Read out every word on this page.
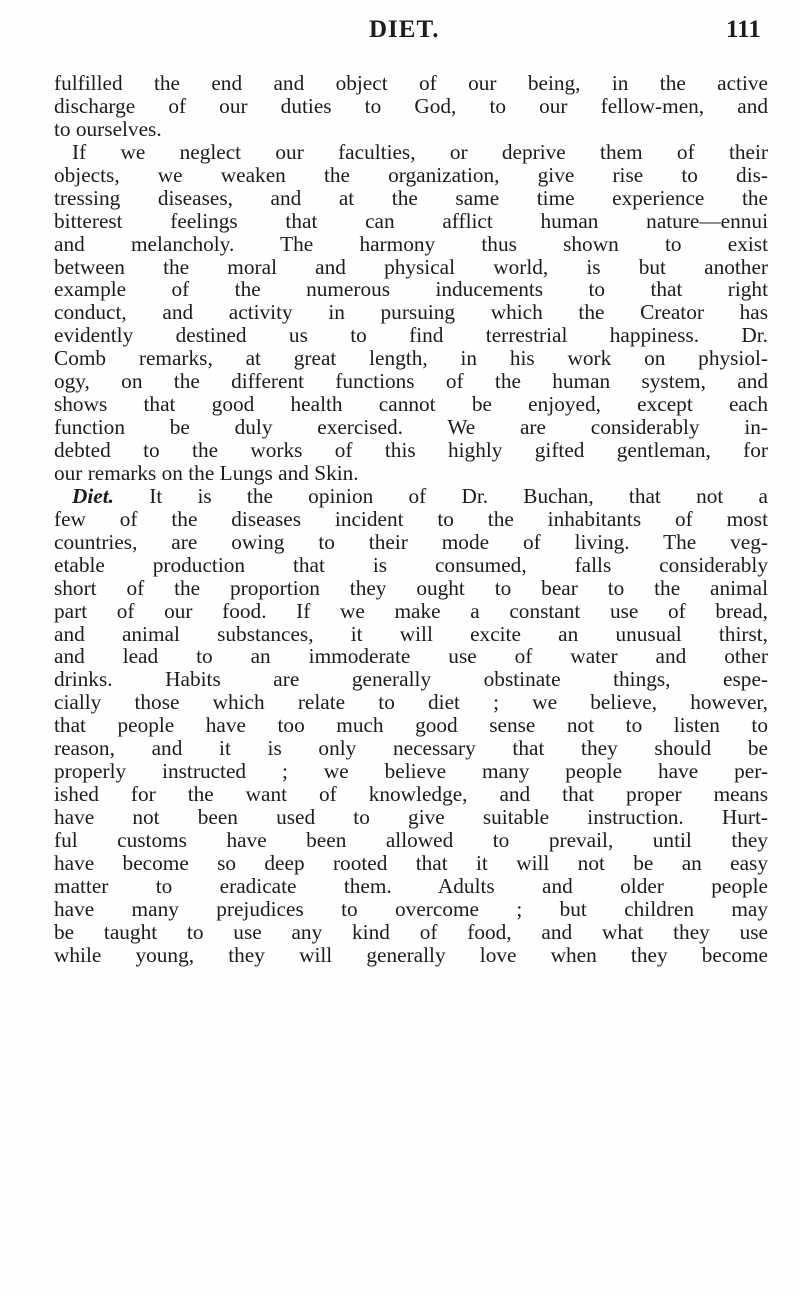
DIET.	111
fulfilled the end and object of our being, in the active
discharge of our duties to God, to our fellow-men, and
to ourselves.
If we neglect our faculties, or deprive them of their
objects, we weaken the organization, give rise to dis-
tressing diseases, and at the same time experience the
bitterest feelings that can afflict human nature—ennui
and melancholy. The harmony thus shown to exist
between the moral and physical world, is but another
example of the numerous inducements to that right
conduct, and activity in pursuing which the Creator has
evidently destined us to find terrestrial happiness. Dr.
Comb remarks, at great length, in his work on physiol-
ogy, on the different functions of the human system, and
shows that good health cannot be enjoyed, except each
function be duly exercised. We are considerably in-
debted to the works of this highly gifted gentleman, for
our remarks on the Lungs and Skin.
Diet. It is the opinion of Dr. Buchan, that not a
few of the diseases incident to the inhabitants of most
countries, are owing to their mode of living. The veg-
etable production that is consumed, falls considerably
short of the proportion they ought to bear to the animal
part of our food. If we make a constant use of bread,
and animal substances, it will excite an unusual thirst,
and lead to an immoderate use of water and other
drinks. Habits are generally obstinate things, espe-
cially those which relate to diet ; we believe, however,
that people have too much good sense not to listen to
reason, and it is only necessary that they should be
properly instructed ; we believe many people have per-
ished for the want of knowledge, and that proper means
have not been used to give suitable instruction. Hurt-
ful customs have been allowed to prevail, until they
have become so deep rooted that it will not be an easy
matter to eradicate them. Adults and older people
have many prejudices to overcome ; but children may
be taught to use any kind of food, and what they use
while young, they will generally love when they become
